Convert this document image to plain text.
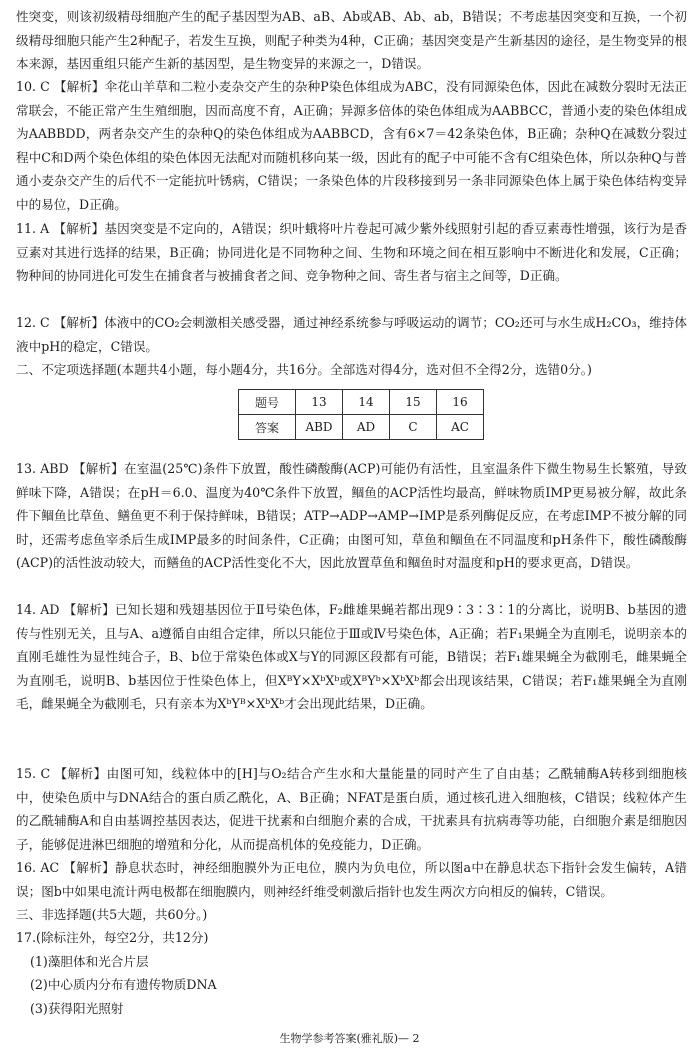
性突变，则该初级精母细胞产生的配子基因型为AB、aB、Ab或AB、Ab、ab，B错误；不考虑基因突变和互换，一个初级精母细胞只能产生2种配子，若发生互换，则配子种类为4种，C正确；基因突变是产生新基因的途径，是生物变异的根本来源，基因重组只能产生新的基因型，是生物变异的来源之一，D错误。
10. C 【解析】伞花山羊草和二粒小麦杂交产生的杂种P染色体组成为ABC，没有同源染色体，因此在减数分裂时无法正常联会，不能正常产生生殖细胞，因而高度不育，A正确；异源多倍体的染色体组成为AABBCC，普通小麦的染色体组成为AABBDD，两者杂交产生的杂种Q的染色体组成为AABBCD，含有6×7＝42条染色体，B正确；杂种Q在减数分裂过程中C和D两个染色体组的染色体因无法配对而随机移向某一级，因此有的配子中可能不含有C组染色体，所以杂种Q与普通小麦杂交产生的后代不一定能抗叶锈病，C错误；一条染色体的片段移接到另一条非同源染色体上属于染色体结构变异中的易位，D正确。
11. A 【解析】基因突变是不定向的，A错误；织叶蛾将叶片卷起可减少紫外线照射引起的香豆素毒性增强，该行为是香豆素对其进行选择的结果，B正确；协同进化是不同物种之间、生物和环境之间在相互影响中不断进化和发展，C正确；物种间的协同进化可发生在捕食者与被捕食者之间、竞争物种之间、寄生者与宿主之间等，D正确。
12. C 【解析】体液中的CO₂会刺激相关感受器，通过神经系统参与呼吸运动的调节；CO₂还可与水生成H₂CO₃，维持体液中pH的稳定，C错误。
二、不定项选择题(本题共4小题，每小题4分，共16分。全部选对得4分，选对但不全得2分，选错0分。)
题号	13	14	15	16
答案	ABD	AD	C	AC
13. ABD 【解析】在室温(25℃)条件下放置，酸性磷酸酶(ACP)可能仍有活性，且室温条件下微生物易生长繁殖，导致鲜味下降，A错误；在pH＝6.0、温度为40℃条件下放置，鲴鱼的ACP活性均最高，鲜味物质IMP更易被分解，故此条件下鲴鱼比草鱼、鳝鱼更不利于保持鲜味，B错误；ATP→ADP→AMP→IMP是系列酶促反应，在考虑IMP不被分解的同时，还需考虑鱼宰杀后生成IMP最多的时间条件，C正确；由图可知，草鱼和鲴鱼在不同温度和pH条件下，酸性磷酸酶(ACP)的活性波动较大，而鳝鱼的ACP活性变化不大，因此放置草鱼和鲴鱼时对温度和pH的要求更高，D错误。
14. AD 【解析】已知长翅和残翅基因位于Ⅱ号染色体，F₂雌雄果蝇若都出现9∶3∶3∶1的分离比，说明B、b基因的遗传与性别无关，且与A、a遵循自由组合定律，所以只能位于Ⅲ或Ⅳ号染色体，A正确；若F₁果蝇全为直刚毛，说明亲本的直刚毛雄性为显性纯合子，B、b位于常染色体或X与Y的同源区段都有可能，B错误；若F₁雄果蝇全为截刚毛，雌果蝇全为直刚毛，说明B、b基因位于性染色体上，但XᴮY×XᵇXᵇ或XᴮYᵇ×XᵇXᵇ都会出现该结果，C错误；若F₁雄果蝇全为直刚毛，雌果蝇全为截刚毛，只有亲本为XᵇYᴮ×XᵇXᵇ才会出现此结果，D正确。
15. C 【解析】由图可知，线粒体中的[H]与O₂结合产生水和大量能量的同时产生了自由基；乙酰辅酶A转移到细胞核中，使染色质中与DNA结合的蛋白质乙酰化，A、B正确；NFAT是蛋白质，通过核孔进入细胞核，C错误；线粒体产生的乙酰辅酶A和自由基调控基因表达，促进干扰素和白细胞介素的合成，干扰素具有抗病毒等功能，白细胞介素是细胞因子，能够促进淋巴细胞的增殖和分化，从而提高机体的免疫能力，D正确。
16. AC 【解析】静息状态时，神经细胞膜外为正电位，膜内为负电位，所以图a中在静息状态下指针会发生偏转，A错误；图b中如果电流计两电极都在细胞膜内，则神经纤维受刺激后指针也发生两次方向相反的偏转，C错误。
三、非选择题(共5大题，共60分。)
17.(除标注外，每空2分，共12分)
(1)藻胆体和光合片层
(2)中心质内分布有遗传物质DNA
(3)获得阳光照射
生物学参考答案(雅礼版)— 2
